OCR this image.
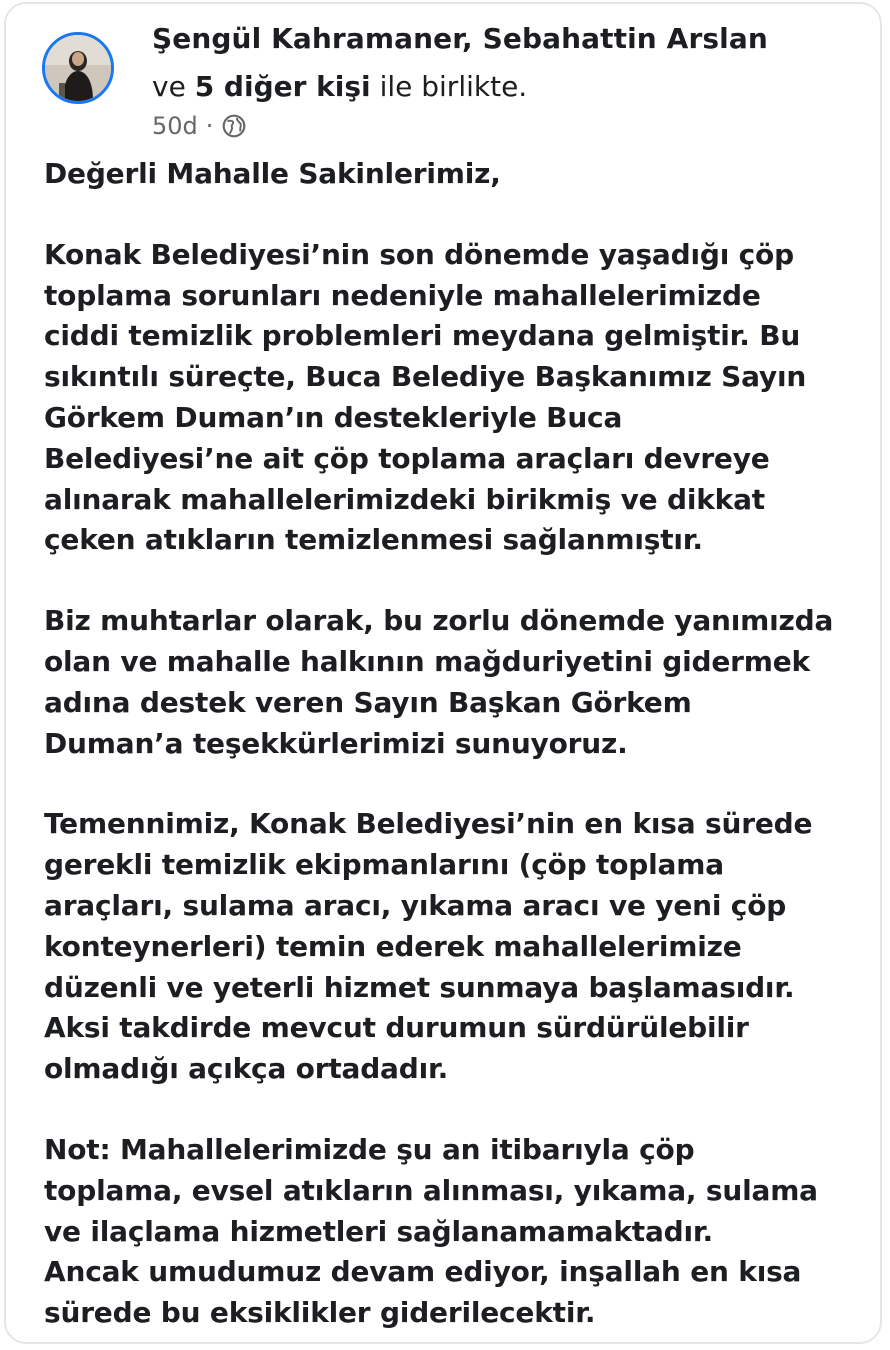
Şengül Kahramaner, Sebahattin Arslan
ve 5 diğer kişi ile birlikte.
50d ·

Değerli Mahalle Sakinlerimiz,

Konak Belediyesi’nin son dönemde yaşadığı çöp
toplama sorunları nedeniyle mahallelerimizde
ciddi temizlik problemleri meydana gelmiştir. Bu
sıkıntılı süreçte, Buca Belediye Başkanımız Sayın
Görkem Duman’ın destekleriyle Buca
Belediyesi’ne ait çöp toplama araçları devreye
alınarak mahallelerimizdeki birikmiş ve dikkat
çeken atıkların temizlenmesi sağlanmıştır.

Biz muhtarlar olarak, bu zorlu dönemde yanımızda
olan ve mahalle halkının mağduriyetini gidermek
adına destek veren Sayın Başkan Görkem
Duman’a teşekkürlerimizi sunuyoruz.

Temennimiz, Konak Belediyesi’nin en kısa sürede
gerekli temizlik ekipmanlarını (çöp toplama
araçları, sulama aracı, yıkama aracı ve yeni çöp
konteynerleri) temin ederek mahallelerimize
düzenli ve yeterli hizmet sunmaya başlamasıdır.
Aksi takdirde mevcut durumun sürdürülebilir
olmadığı açıkça ortadadır.

Not: Mahallelerimizde şu an itibarıyla çöp
toplama, evsel atıkların alınması, yıkama, sulama
ve ilaçlama hizmetleri sağlanamamaktadır.
Ancak umudumuz devam ediyor, inşallah en kısa
sürede bu eksiklikler giderilecektir.
